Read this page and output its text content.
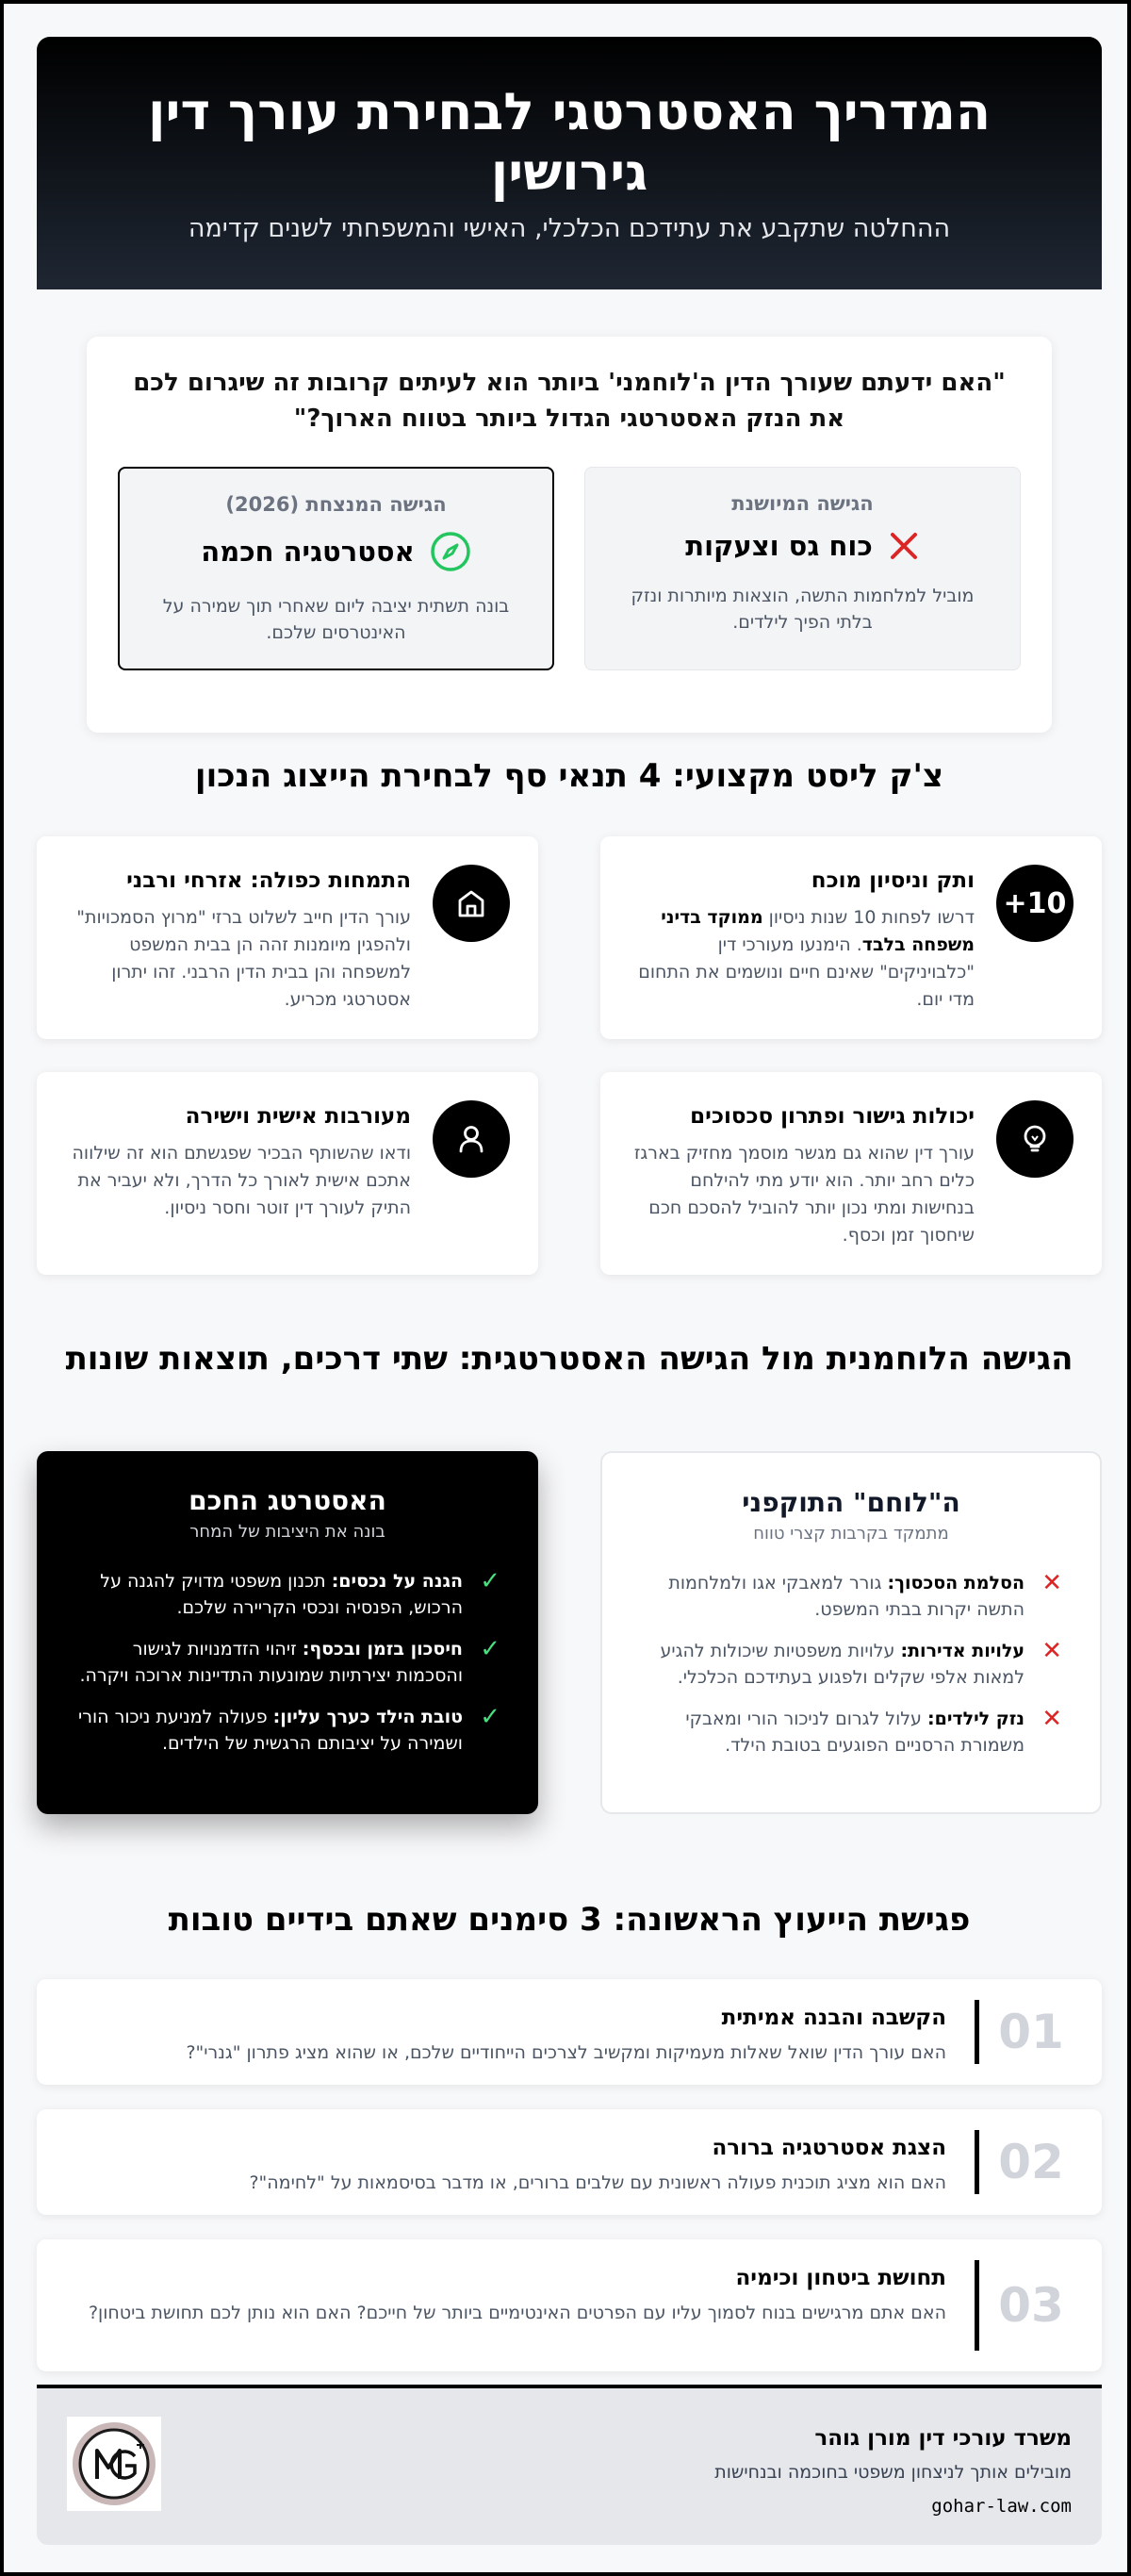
המדריך האסטרטגי לבחירת עורך דין גירושין

ההחלטה שתקבע את עתידכם הכלכלי, האישי והמשפחתי לשנים קדימה

"האם ידעתם שעורך הדין ה'לוחמני' ביותר הוא לעיתים קרובות זה שיגרום לכם את הנזק האסטרטגי הגדול ביותר בטווח הארוך?"
הגישה המיושנת
כוח גס וצעקות
מוביל למלחמות התשה, הוצאות מיותרות ונזק בלתי הפיך לילדים.
הגישה המנצחת (2026)
אסטרטגיה חכמה
בונה תשתית יציבה ליום שאחרי תוך שמירה על האינטרסים שלכם.
צ'ק ליסט מקצועי: 4 תנאי סף לבחירת הייצוג הנכון
+10
ותק וניסיון מוכח
דרשו לפחות 10 שנות ניסיון ממוקד בדיני משפחה בלבד. הימנעו מעורכי דין "כלבויניקים" שאינם חיים ונושמים את התחום מדי יום.
התמחות כפולה: אזרחי ורבני
עורך הדין חייב לשלוט ברזי "מרוץ הסמכויות" ולהפגין מיומנות זהה הן בבית המשפט למשפחה והן בבית הדין הרבני. זהו יתרון אסטרטגי מכריע.
יכולות גישור ופתרון סכסוכים
עורך דין שהוא גם מגשר מוסמך מחזיק בארגז כלים רחב יותר. הוא יודע מתי להילחם בנחישות ומתי נכון יותר להוביל להסכם חכם שיחסוך זמן וכסף.
מעורבות אישית וישירה
ודאו שהשותף הבכיר שפגשתם הוא זה שילווה אתכם אישית לאורך כל הדרך, ולא יעביר את התיק לעורך דין זוטר וחסר ניסיון.
הגישה הלוחמנית מול הגישה האסטרטגית: שתי דרכים, תוצאות שונות
ה"לוחם" התוקפני
מתמקד בקרבות קצרי טווח
✕
הסלמת הסכסוך: גורר למאבקי אגו ולמלחמות התשה יקרות בבתי המשפט.
✕
עלויות אדירות: עלויות משפטיות שיכולות להגיע למאות אלפי שקלים ולפגוע בעתידכם הכלכלי.
✕
נזק לילדים: עלול לגרום לניכור הורי ומאבקי משמורת הרסניים הפוגעים בטובת הילד.
האסטרטג החכם
בונה את היציבות של המחר
✓
הגנה על נכסים: תכנון משפטי מדויק להגנה על הרכוש, הפנסיה ונכסי הקריירה שלכם.
✓
חיסכון בזמן ובכסף: זיהוי הזדמנויות לגישור והסכמות יצירתיות שמונעות התדיינות ארוכה ויקרה.
✓
טובת הילד כערך עליון: פעולה למניעת ניכור הורי ושמירה על יציבותם הרגשית של הילדים.
פגישת הייעוץ הראשונה: 3 סימנים שאתם בידיים טובות
01
הקשבה והבנה אמיתית
האם עורך הדין שואל שאלות מעמיקות ומקשיב לצרכים הייחודיים שלכם, או שהוא מציג פתרון "גנרי"?
02
הצגת אסטרטגיה ברורה
האם הוא מציג תוכנית פעולה ראשונית עם שלבים ברורים, או מדבר בסיסמאות על "לחימה"?
03
תחושת ביטחון וכימיה
האם אתם מרגישים בנוח לסמוך עליו עם הפרטים האינטימיים ביותר של חייכם? האם הוא נותן לכם תחושת ביטחון?
משרד עורכי דין מורן גוהר
מובילים אותך לניצחון משפטי בחוכמה ובנחישות
gohar-law.com
